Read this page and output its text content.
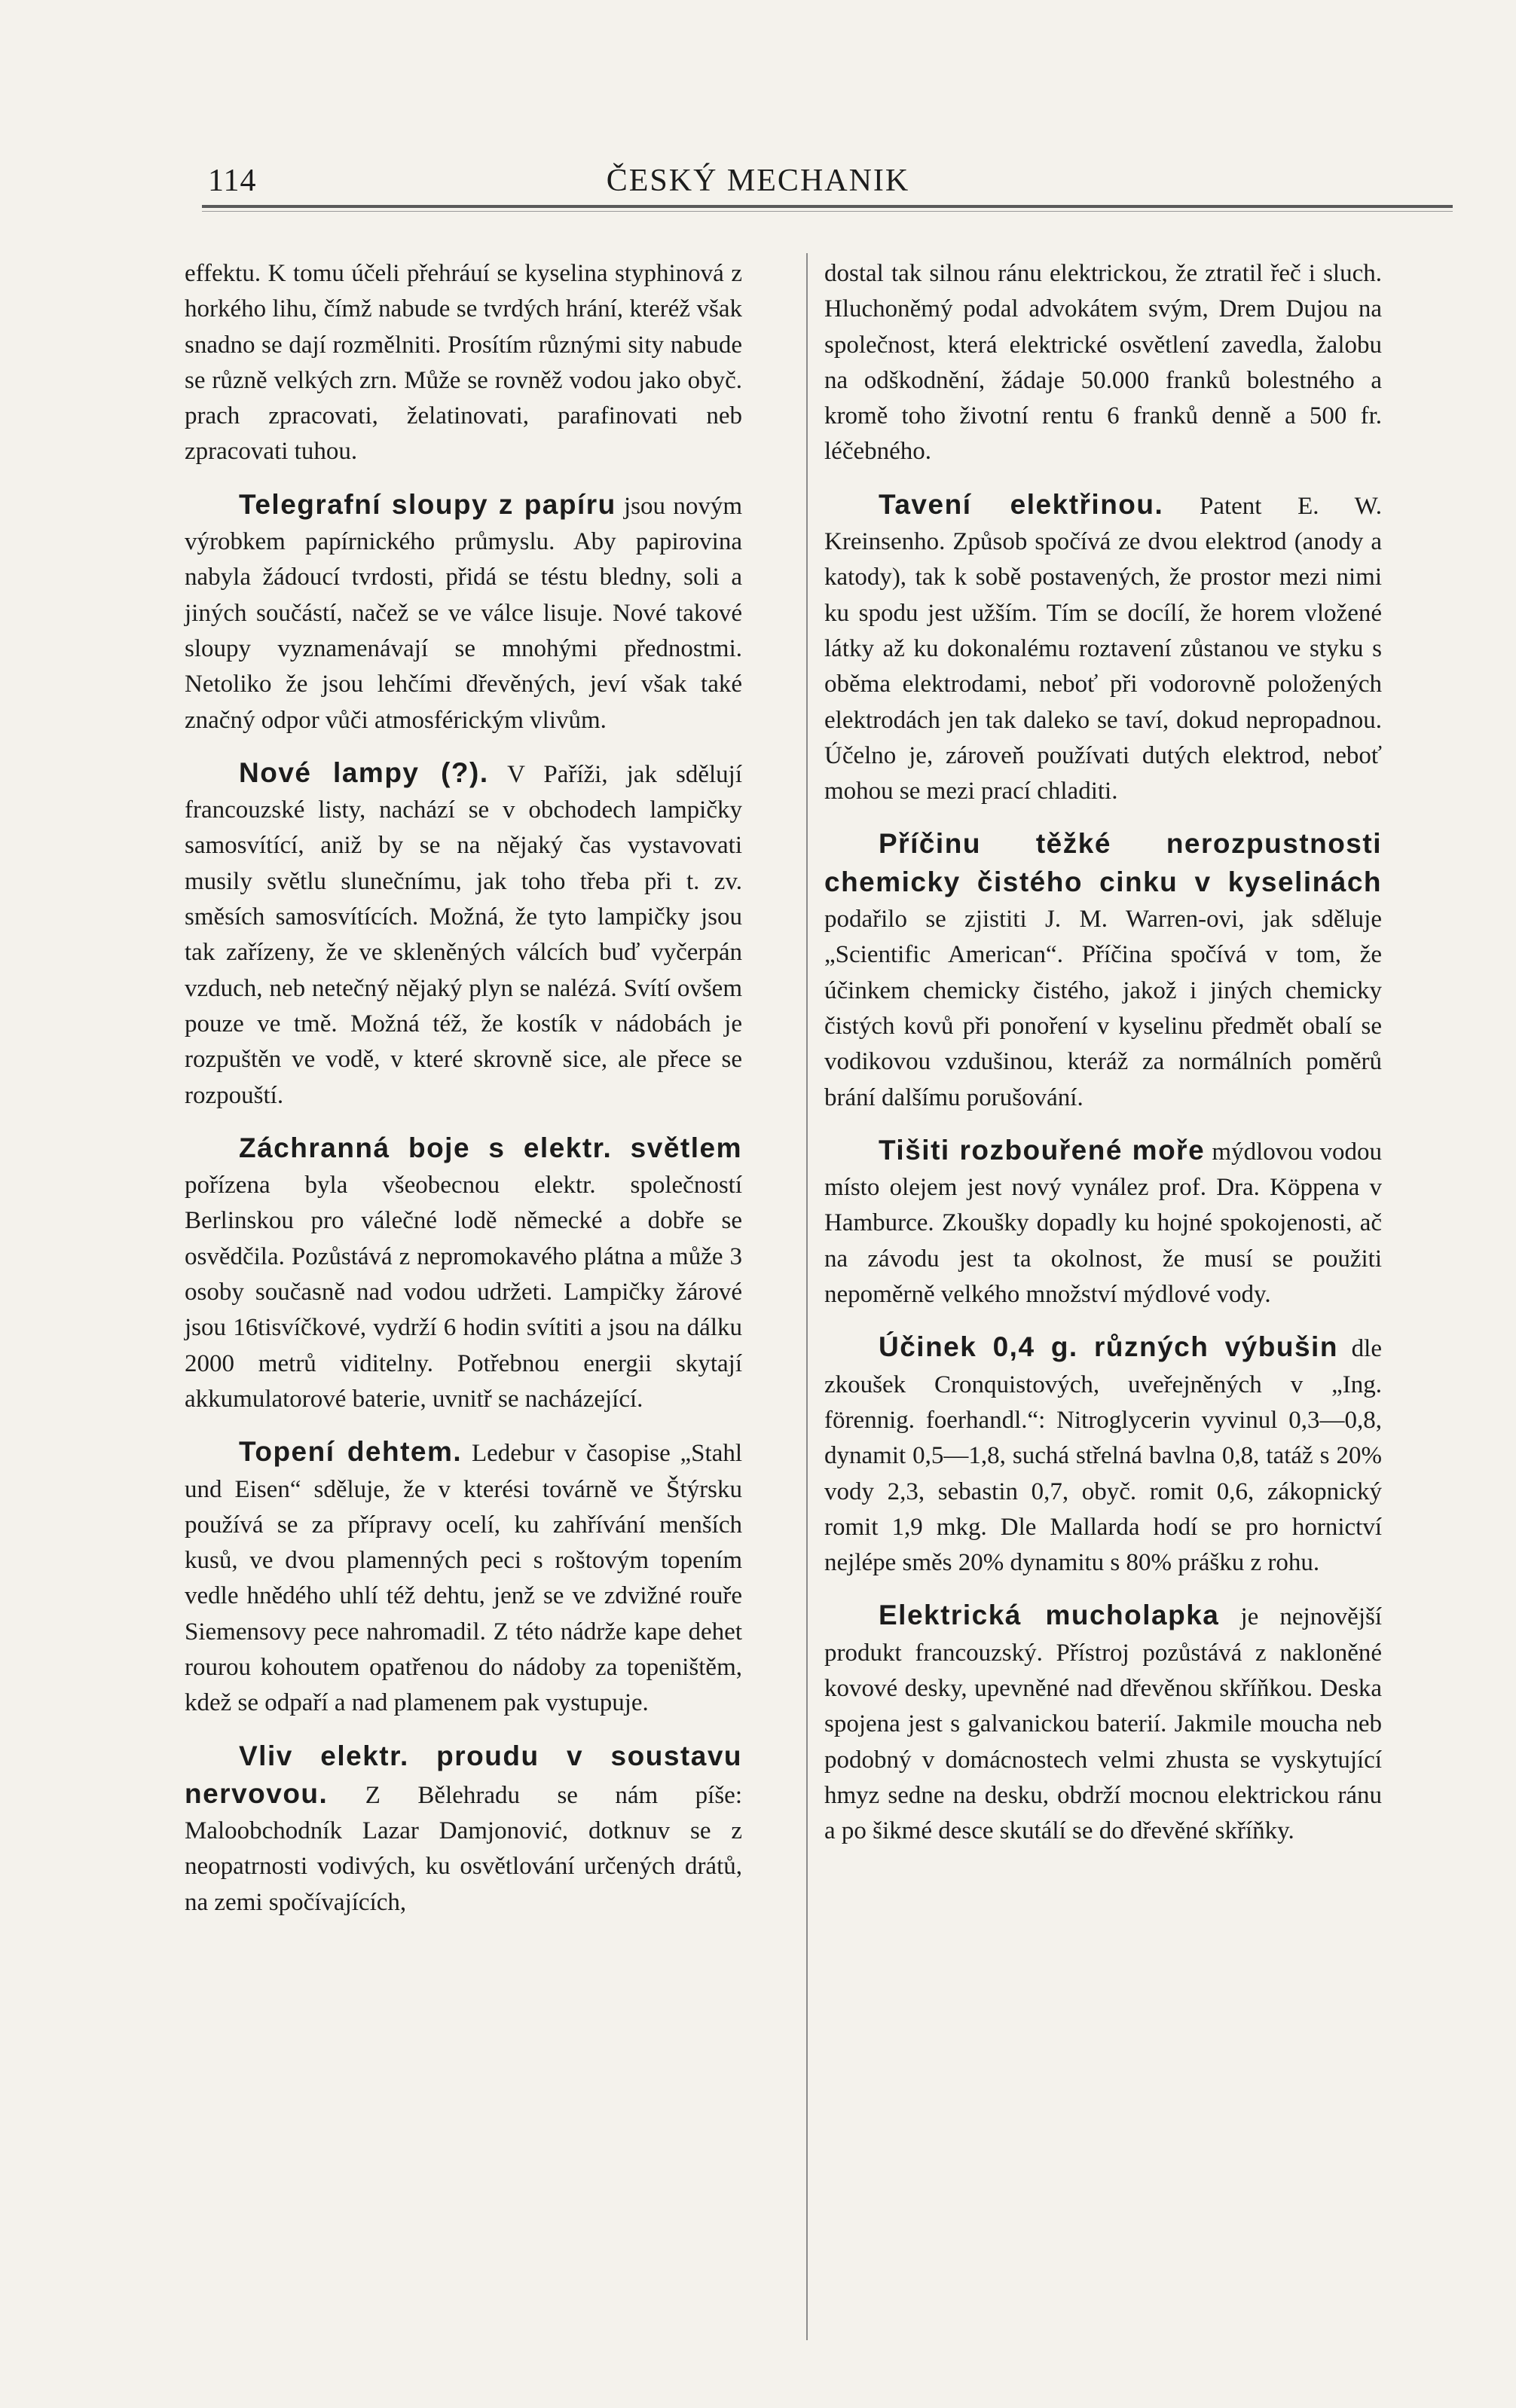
114	ČESKÝ MECHANIK

effektu. K tomu účeli přehráuí se kyselina styphinová z horkého lihu, čímž nabude se tvrdých hrání, kteréž však snadno se dají rozmělniti. Prosítím různými sity nabude se různě velkých zrn. Může se rovněž vodou jako obyč. prach zpracovati, želatinovati, parafinovati neb zpracovati tuhou.

Telegrafní sloupy z papíru jsou novým výrobkem papírnického průmyslu. Aby papirovina nabyla žádoucí tvrdosti, přidá se téstu bledny, soli a jiných součástí, načež se ve válce lisuje. Nové takové sloupy vyznamenávají se mnohými přednostmi. Netoliko že jsou lehčími dřevěných, jeví však také značný odpor vůči atmosférickým vlivům.

Nové lampy (?). V Paříži, jak sdělují francouzské listy, nachází se v obchodech lampičky samosvítící, aniž by se na nějaký čas vystavovati musily světlu slunečnímu, jak toho třeba při t. zv. směsích samosvítících. Možná, že tyto lampičky jsou tak zařízeny, že ve skleněných válcích buď vyčerpán vzduch, neb netečný nějaký plyn se nalézá. Svítí ovšem pouze ve tmě. Možná též, že kostík v nádobách je rozpuštěn ve vodě, v které skrovně sice, ale přece se rozpouští.

Záchranná boje s elektr. světlem pořízena byla všeobecnou elektr. společností Berlinskou pro válečné lodě německé a dobře se osvědčila. Pozůstává z nepromokavého plátna a může 3 osoby současně nad vodou udržeti. Lampičky žárové jsou 16tisvíčkové, vydrží 6 hodin svítiti a jsou na dálku 2000 metrů viditelny. Potřebnou energii skytají akkumulatorové baterie, uvnitř se nacházející.

Topení dehtem. Ledebur v časopise „Stahl und Eisen“ sděluje, že v kterési továrně ve Štýrsku používá se za přípravy ocelí, ku zahřívání menších kusů, ve dvou plamenných peci s roštovým topením vedle hnědého uhlí též dehtu, jenž se ve zdvižné rouře Siemensovy pece nahromadil. Z této nádrže kape dehet rourou kohoutem opatřenou do nádoby za topeništěm, kdež se odpaří a nad plamenem pak vystupuje.

Vliv elektr. proudu v soustavu nervovou. Z Bělehradu se nám píše: Maloobchodník Lazar Damjonović, dotknuv se z neopatrnosti vodivých, ku osvětlování určených drátů, na zemi spočívajících,

dostal tak silnou ránu elektrickou, že ztratil řeč i sluch. Hluchoněmý podal advokátem svým, Drem Dujou na společnost, která elektrické osvětlení zavedla, žalobu na odškodnění, žádaje 50.000 franků bolestného a kromě toho životní rentu 6 franků denně a 500 fr. léčebného.

Tavení elektřinou. Patent E. W. Kreinsenho. Způsob spočívá ze dvou elektrod (anody a katody), tak k sobě postavených, že prostor mezi nimi ku spodu jest užším. Tím se docílí, že horem vložené látky až ku dokonalému roztavení zůstanou ve styku s oběma elektrodami, neboť při vodorovně položených elektrodách jen tak daleko se taví, dokud nepropadnou. Účelno je, zároveň používati dutých elektrod, neboť mohou se mezi prací chladiti.

Příčinu těžké nerozpustnosti chemicky čistého cinku v kyselinách podařilo se zjistiti J. M. Warren-ovi, jak sděluje „Scientific American“. Příčina spočívá v tom, že účinkem chemicky čistého, jakož i jiných chemicky čistých kovů při ponoření v kyselinu předmět obalí se vodikovou vzdušinou, kteráž za normálních poměrů brání dalšímu porušování.

Tišiti rozbouřené moře mýdlovou vodou místo olejem jest nový vynález prof. Dra. Köppena v Hamburce. Zkoušky dopadly ku hojné spokojenosti, ač na závodu jest ta okolnost, že musí se použiti nepoměrně velkého množství mýdlové vody.

Účinek 0,4 g. různých výbušin dle zkoušek Cronquistových, uveřejněných v „Ing. förennig. foerhandl.“: Nitroglycerin vyvinul 0,3—0,8, dynamit 0,5—1,8, suchá střelná bavlna 0,8, tatáž s 20% vody 2,3, sebastin 0,7, obyč. romit 0,6, zákopnický romit 1,9 mkg. Dle Mallarda hodí se pro hornictví nejlépe směs 20% dynamitu s 80% prášku z rohu.

Elektrická mucholapka je nejnovější produkt francouzský. Přístroj pozůstává z nakloněné kovové desky, upevněné nad dřevěnou skříňkou. Deska spojena jest s galvanickou baterií. Jakmile moucha neb podobný v domácnostech velmi zhusta se vyskytující hmyz sedne na desku, obdrží mocnou elektrickou ránu a po šikmé desce skutálí se do dřevěné skříňky.
